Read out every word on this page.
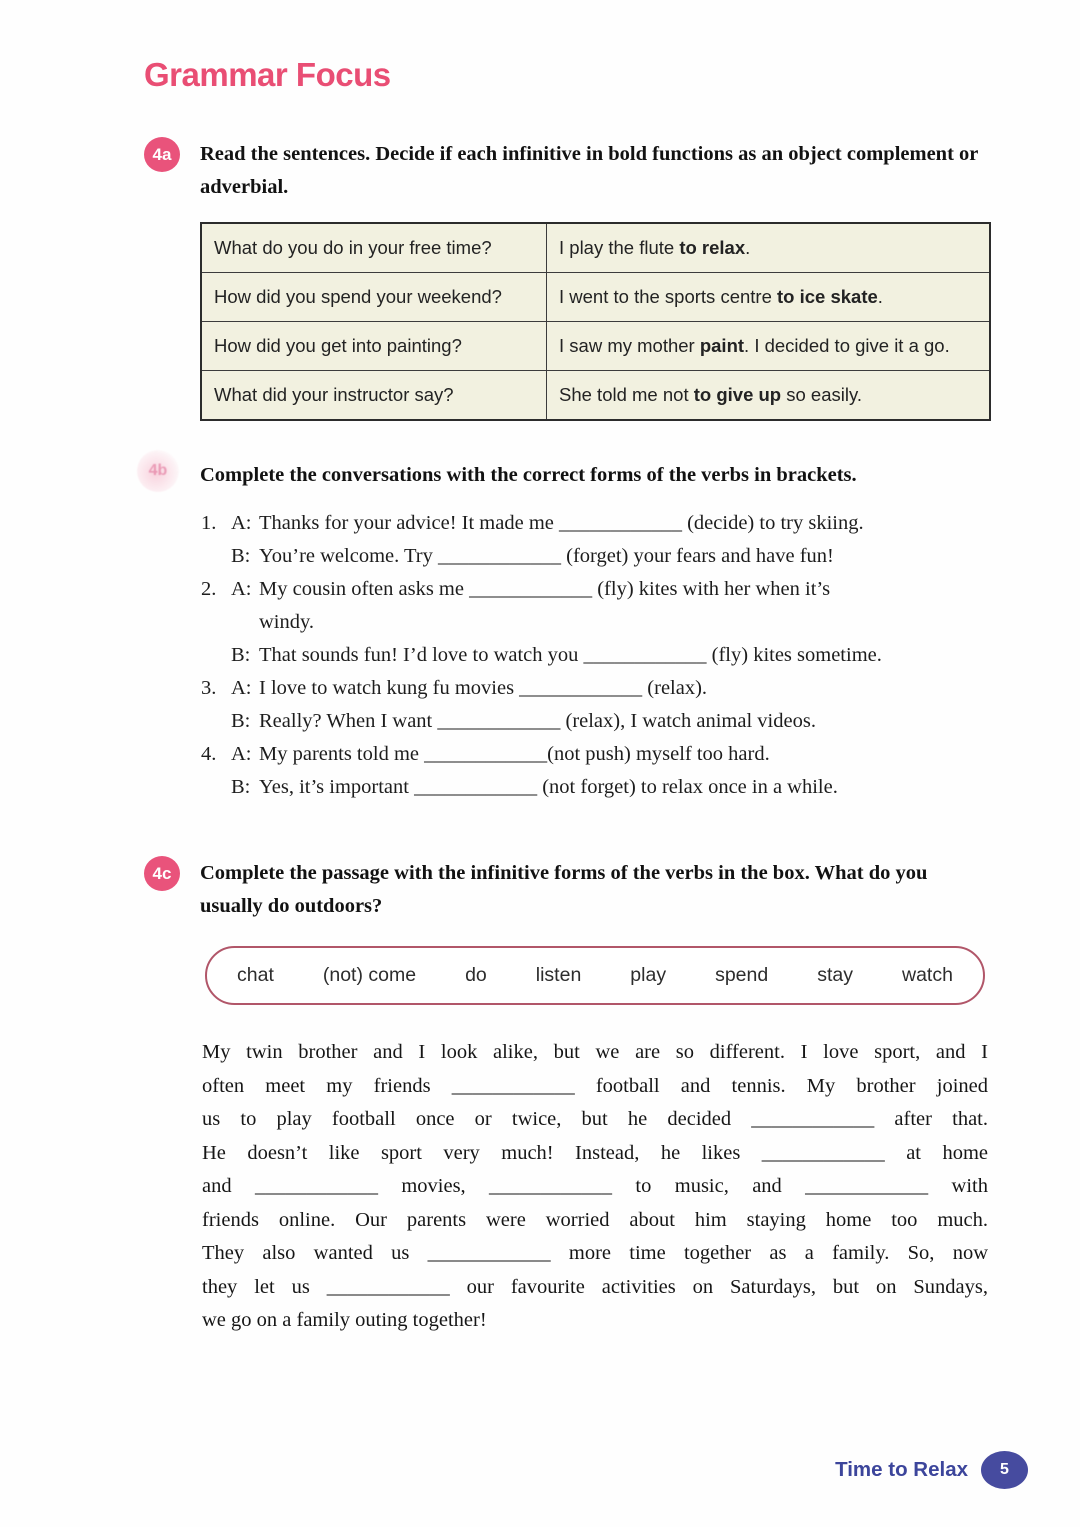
Grammar Focus
4a	Read the sentences. Decide if each infinitive in bold functions as an object complement or adverbial.
What do you do in your free time?	I play the flute to relax.
How did you spend your weekend?	I went to the sports centre to ice skate.
How did you get into painting?	I saw my mother paint. I decided to give it a go.
What did your instructor say?	She told me not to give up so easily.
4b	Complete the conversations with the correct forms of the verbs in brackets.
1. A: Thanks for your advice! It made me ____________ (decide) to try skiing.
B: You’re welcome. Try ____________ (forget) your fears and have fun!
2. A: My cousin often asks me ____________ (fly) kites with her when it’s
windy.
B: That sounds fun! I’d love to watch you ____________ (fly) kites sometime.
3. A: I love to watch kung fu movies ____________ (relax).
B: Really? When I want ____________ (relax), I watch animal videos.
4. A: My parents told me ____________(not push) myself too hard.
B: Yes, it’s important ____________ (not forget) to relax once in a while.
4c	Complete the passage with the infinitive forms of the verbs in the box. What do you usually do outdoors?
chat	(not) come	do	listen	play	spend	stay	watch
My twin brother and I look alike, but we are so different. I love sport, and I
often meet my friends ____________ football and tennis. My brother joined
us to play football once or twice, but he decided ____________ after that.
He doesn’t like sport very much! Instead, he likes ____________ at home
and ____________ movies, ____________ to music, and ____________ with
friends online. Our parents were worried about him staying home too much.
They also wanted us ____________ more time together as a family. So, now
they let us ____________ our favourite activities on Saturdays, but on Sundays,
we go on a family outing together!
Time to Relax	5
